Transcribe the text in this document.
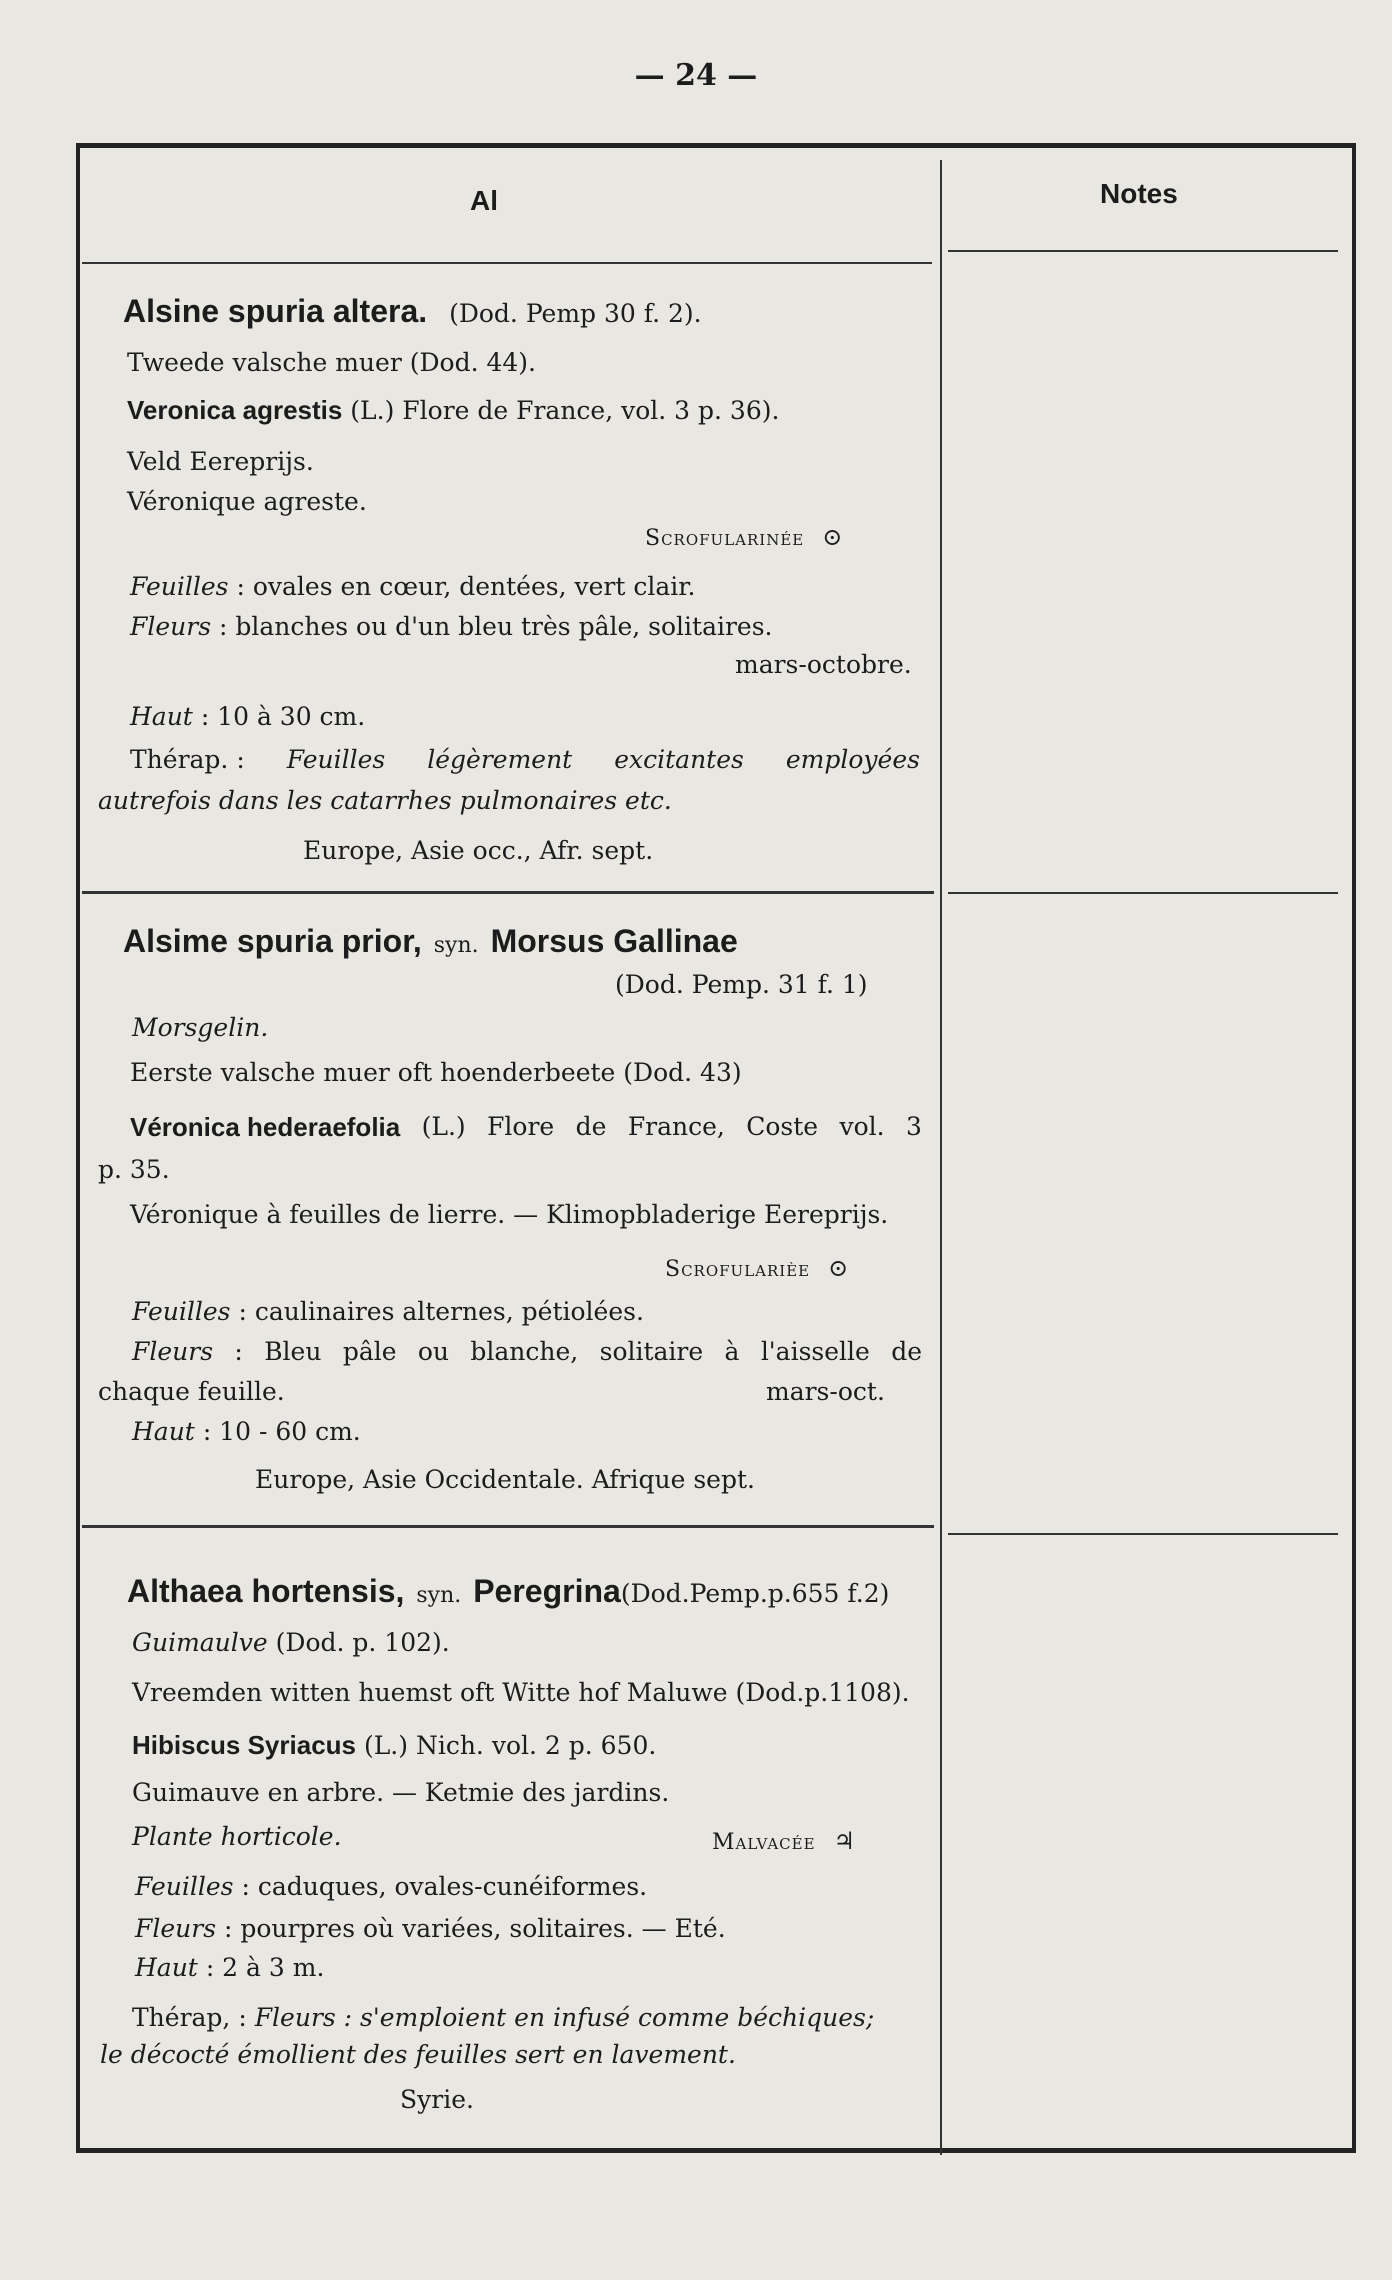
— 24 —
Al	Notes
Alsine spuria altera. (Dod. Pemp 30 f. 2).
Tweede valsche muer (Dod. 44).
Veronica agrestis (L.) Flore de France, vol. 3 p. 36).
Veld Eereprijs.
Véronique agreste.
Scrofularinée ⊙
Feuilles : ovales en cœur, dentées, vert clair.
Fleurs : blanches ou d'un bleu très pâle, solitaires.
mars-octobre.
Haut : 10 à 30 cm.
Thérap. : Feuilles légèrement excitantes employées
autrefois dans les catarrhes pulmonaires etc.
Europe, Asie occ., Afr. sept.
Alsime spuria prior, syn. Morsus Gallinae
(Dod. Pemp. 31 f. 1)
Morsgelin.
Eerste valsche muer oft hoenderbeete (Dod. 43)
Véronica hederaefolia (L.) Flore de France, Coste vol. 3
p. 35.
Véronique à feuilles de lierre. — Klimopbladerige Eereprijs.
Scrofularièe ⊙
Feuilles : caulinaires alternes, pétiolées.
Fleurs : Bleu pâle ou blanche, solitaire à l'aisselle de
chaque feuille.	mars-oct.
Haut : 10 - 60 cm.
Europe, Asie Occidentale. Afrique sept.
Althaea hortensis, syn. Peregrina(Dod.Pemp.p.655 f.2)
Guimaulve (Dod. p. 102).
Vreemden witten huemst oft Witte hof Maluwe (Dod.p.1108).
Hibiscus Syriacus (L.) Nich. vol. 2 p. 650.
Guimauve en arbre. — Ketmie des jardins.
Plante horticole.	Malvacée ♃
Feuilles : caduques, ovales-cunéiformes.
Fleurs : pourpres où variées, solitaires. — Eté.
Haut : 2 à 3 m.
Thérap, : Fleurs : s'emploient en infusé comme béchiques;
le décocté émollient des feuilles sert en lavement.
Syrie.
